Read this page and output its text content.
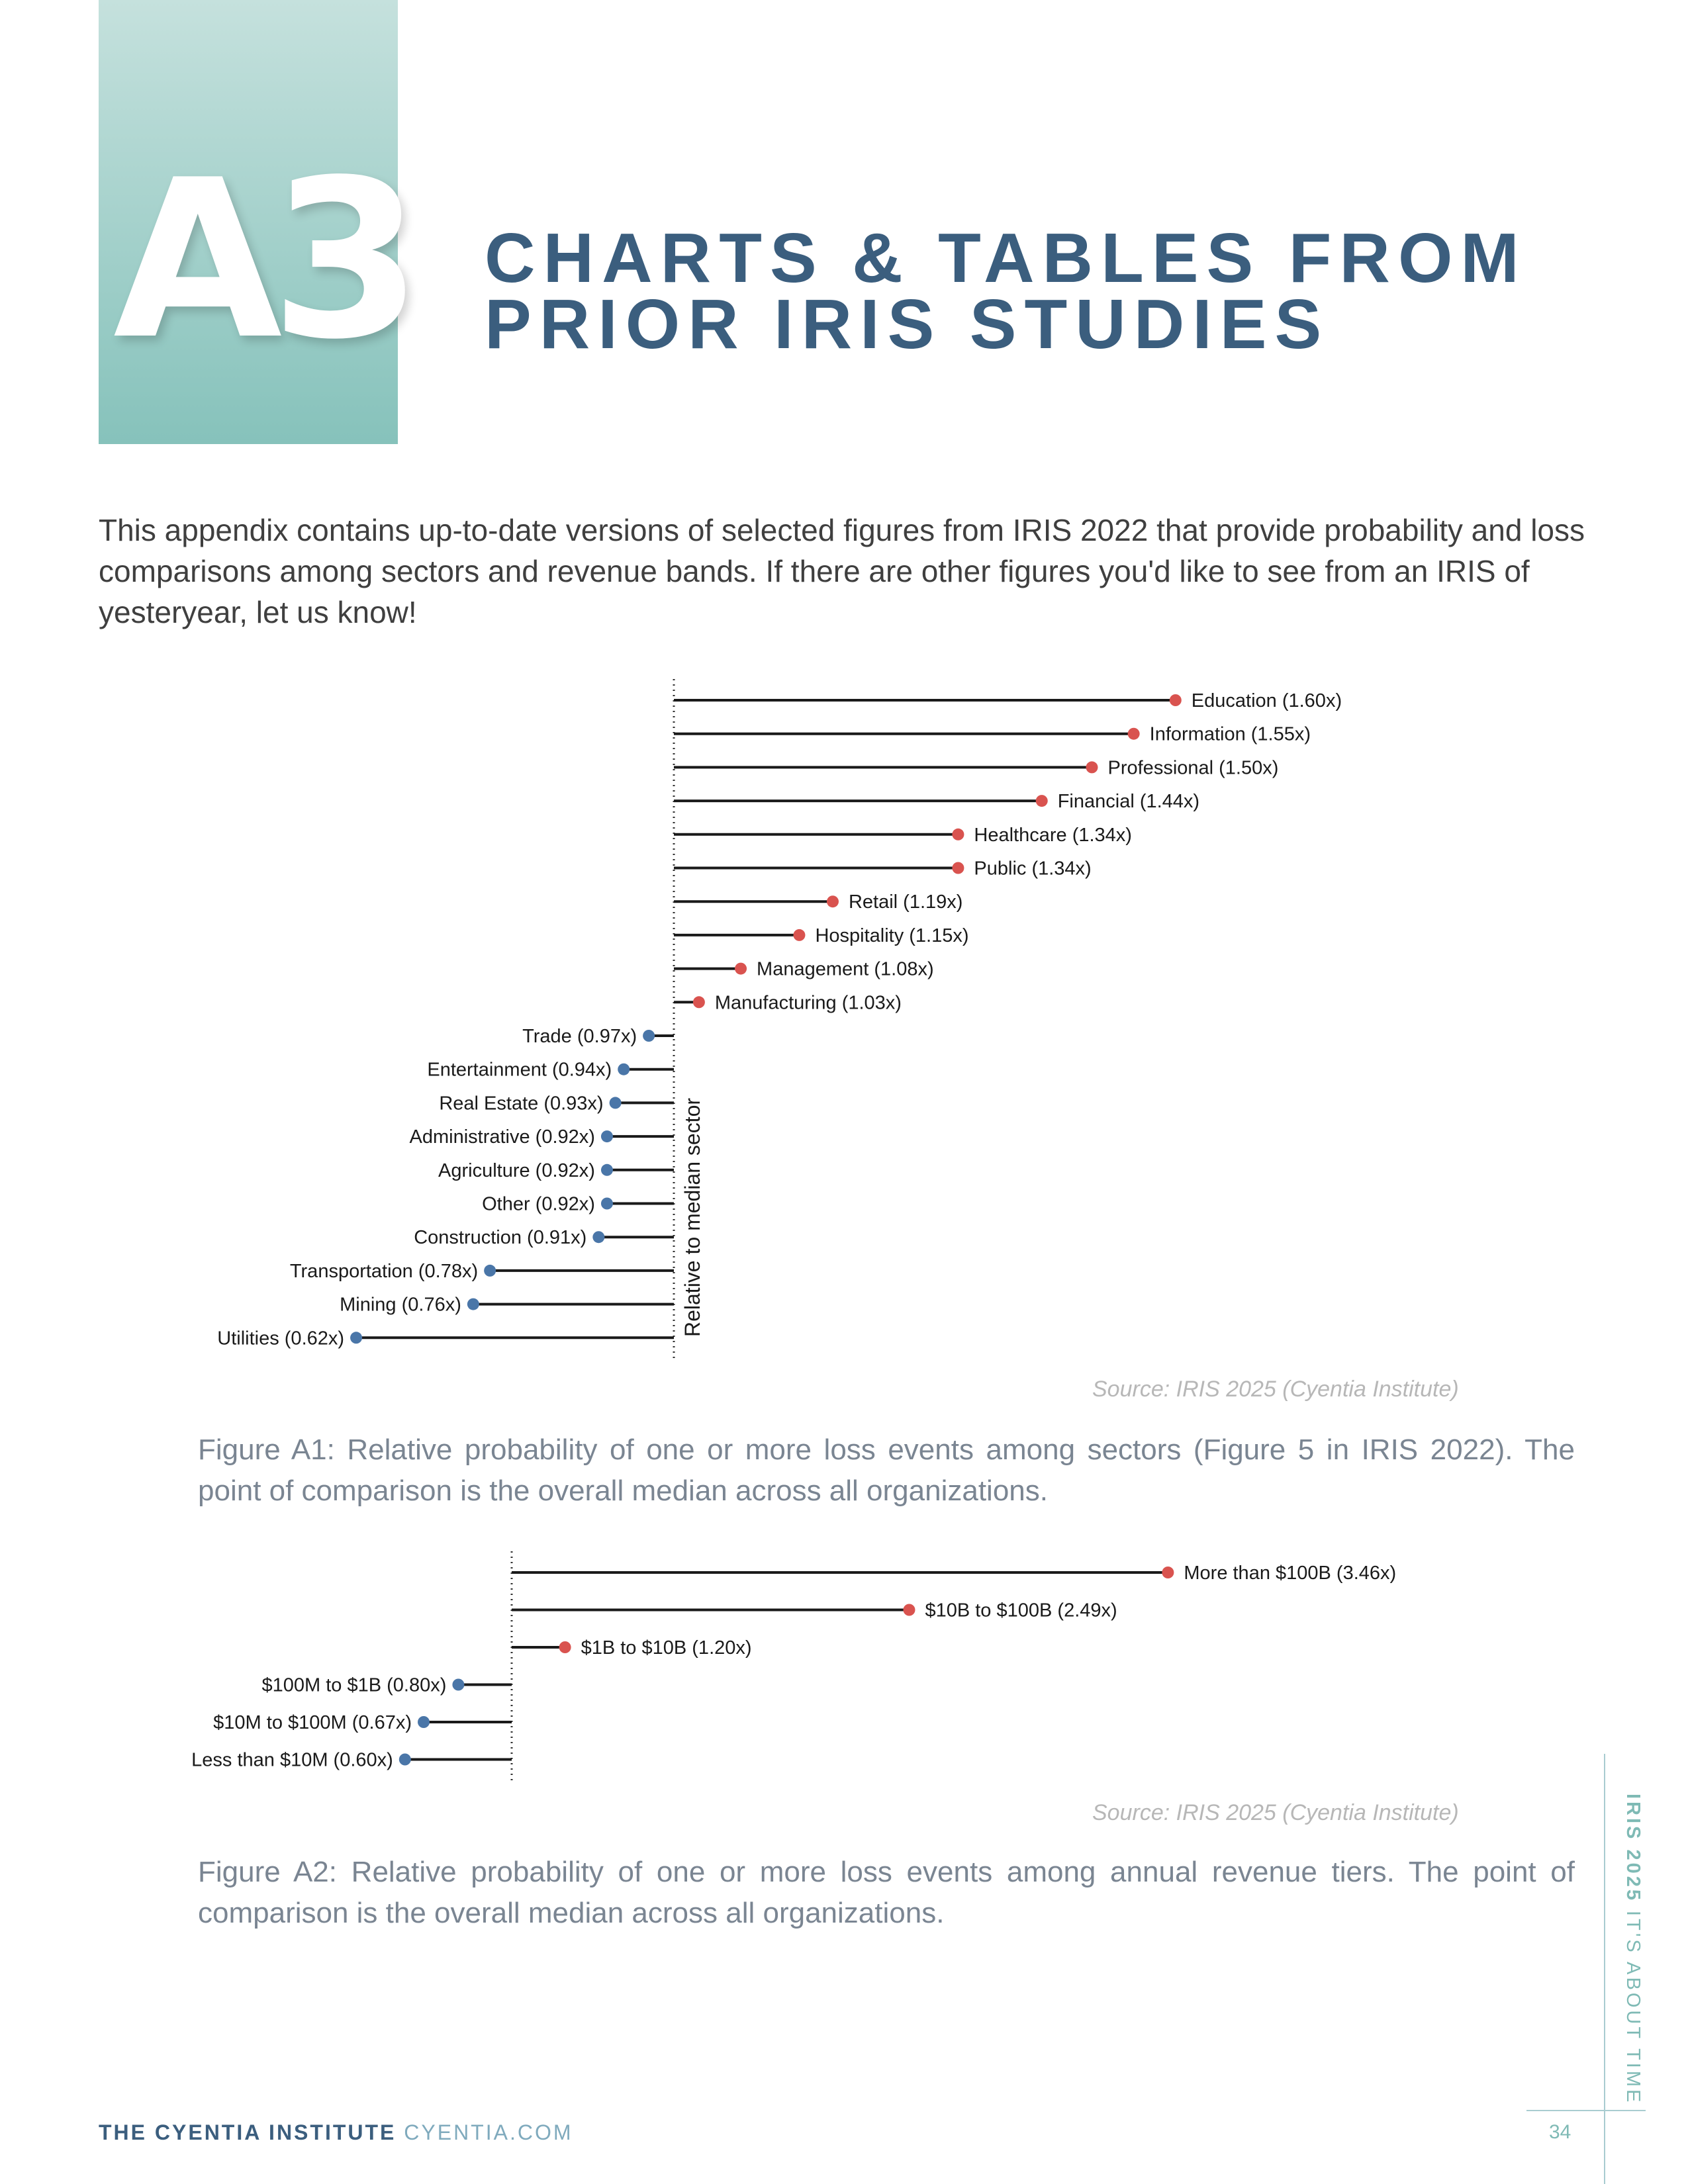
A3 CHARTS & TABLES FROM
PRIOR IRIS STUDIES

This appendix contains up-to-date versions of selected figures from IRIS 2022 that provide probability and loss comparisons among sectors and revenue bands. If there are other figures you'd like to see from an IRIS of yesteryear, let us know!

Education (1.60x)
Information (1.55x)
Professional (1.50x)
Financial (1.44x)
Healthcare (1.34x)
Public (1.34x)
Retail (1.19x)
Hospitality (1.15x)
Management (1.08x)
Manufacturing (1.03x)
Trade (0.97x)
Entertainment (0.94x)
Real Estate (0.93x)
Administrative (0.92x)
Agriculture (0.92x)
Other (0.92x)
Construction (0.91x)
Transportation (0.78x)
Mining (0.76x)
Utilities (0.62x)
Relative to median sector
Source: IRIS 2025 (Cyentia Institute)

Figure A1: Relative probability of one or more loss events among sectors (Figure 5 in IRIS 2022). The point of comparison is the overall median across all organizations.

More than $100B (3.46x)
$10B to $100B (2.49x)
$1B to $10B (1.20x)
$100M to $1B (0.80x)
$10M to $100M (0.67x)
Less than $10M (0.60x)
Source: IRIS 2025 (Cyentia Institute)

Figure A2: Relative probability of one or more loss events among annual revenue tiers. The point of comparison is the overall median across all organizations.

IRIS 2025 IT'S ABOUT TIME
THE CYENTIA INSTITUTE CYENTIA.COM	34
